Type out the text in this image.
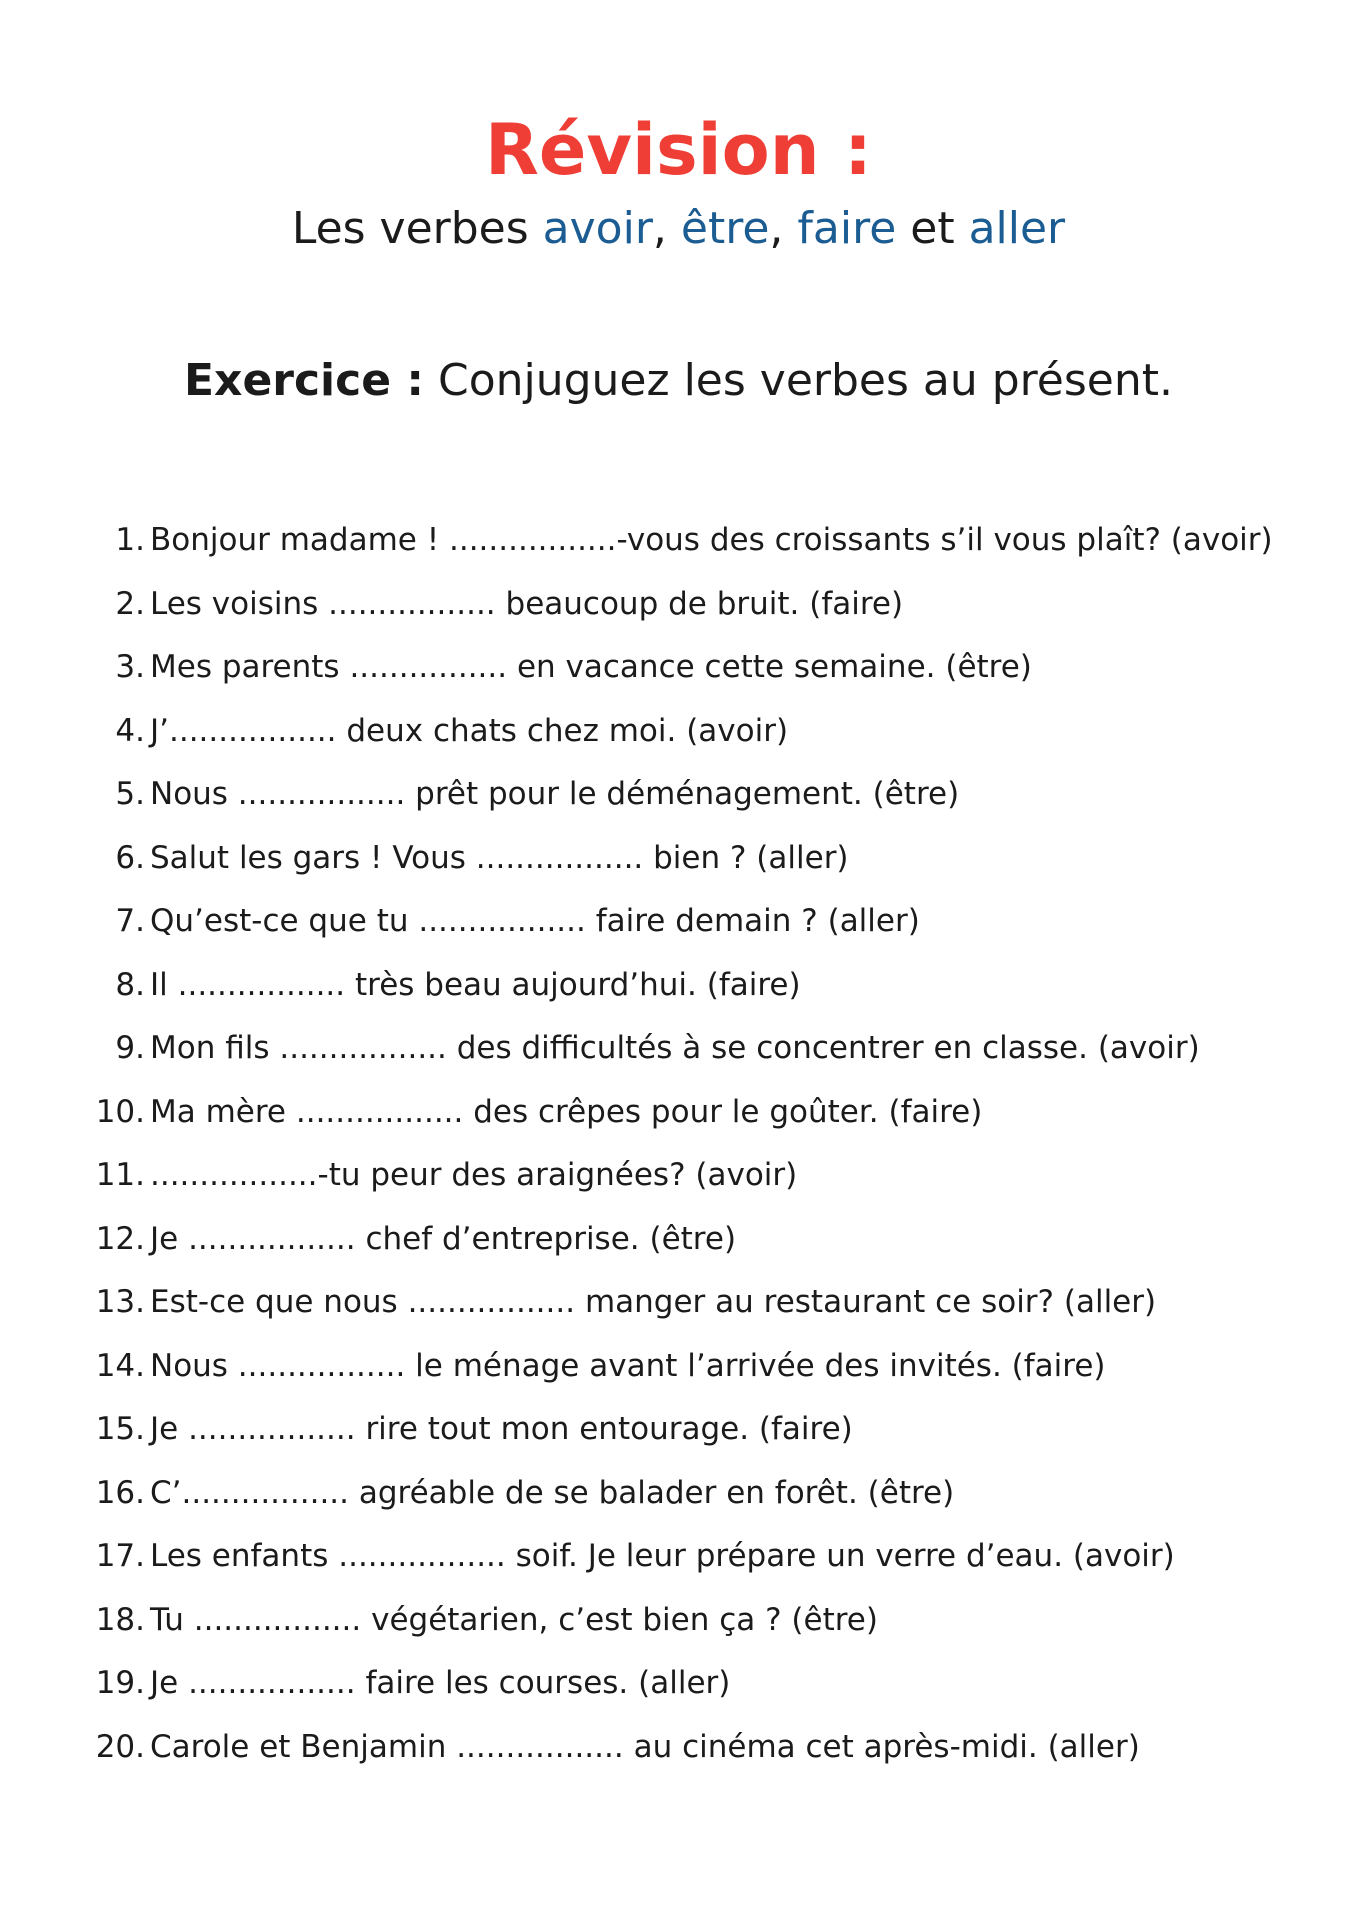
Révision :

Les verbes avoir, être, faire et aller

Exercice : Conjuguez les verbes au présent.

1. Bonjour madame ! .................-vous des croissants s’il vous plaît? (avoir)
2. Les voisins ................. beaucoup de bruit. (faire)
3. Mes parents ................ en vacance cette semaine. (être)
4. J’................. deux chats chez moi. (avoir)
5. Nous ................. prêt pour le déménagement. (être)
6. Salut les gars ! Vous ................. bien ? (aller)
7. Qu’est-ce que tu ................. faire demain ? (aller)
8. Il ................. très beau aujourd’hui. (faire)
9. Mon fils ................. des difficultés à se concentrer en classe. (avoir)
10. Ma mère ................. des crêpes pour le goûter. (faire)
11. .................-tu peur des araignées? (avoir)
12. Je ................. chef d’entreprise. (être)
13. Est-ce que nous ................. manger au restaurant ce soir? (aller)
14. Nous ................. le ménage avant l’arrivée des invités. (faire)
15. Je ................. rire tout mon entourage. (faire)
16. C’................. agréable de se balader en forêt. (être)
17. Les enfants ................. soif. Je leur prépare un verre d’eau. (avoir)
18. Tu ................. végétarien, c’est bien ça ? (être)
19. Je ................. faire les courses. (aller)
20. Carole et Benjamin ................. au cinéma cet après-midi. (aller)
